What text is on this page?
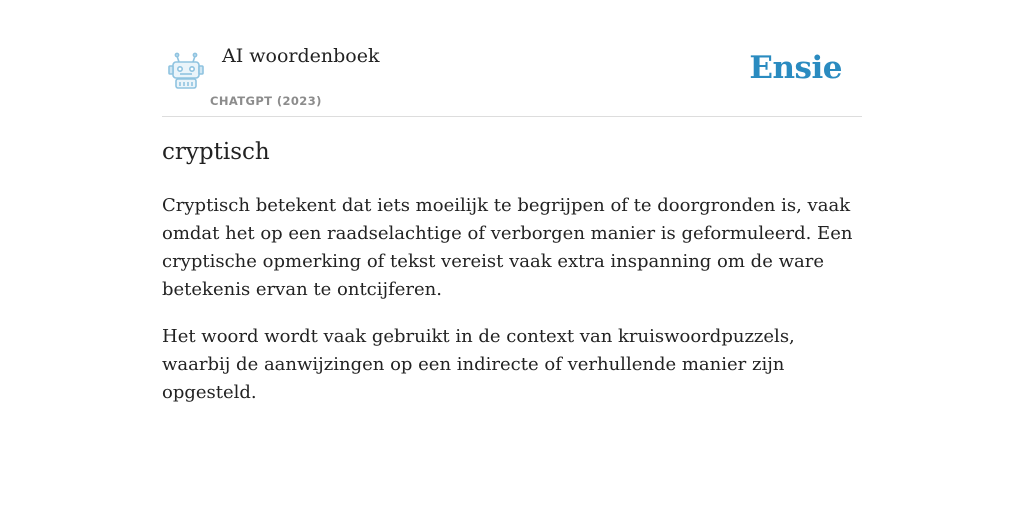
AI woordenboek
CHATGPT (2023)
Ensie
cryptisch

Cryptisch betekent dat iets moeilijk te begrijpen of te doorgronden is, vaak omdat het op een raadselachtige of verborgen manier is geformuleerd. Een cryptische opmerking of tekst vereist vaak extra inspanning om de ware betekenis ervan te ontcijferen.

Het woord wordt vaak gebruikt in de context van kruiswoordpuzzels, waarbij de aanwijzingen op een indirecte of verhullende manier zijn opgesteld.
